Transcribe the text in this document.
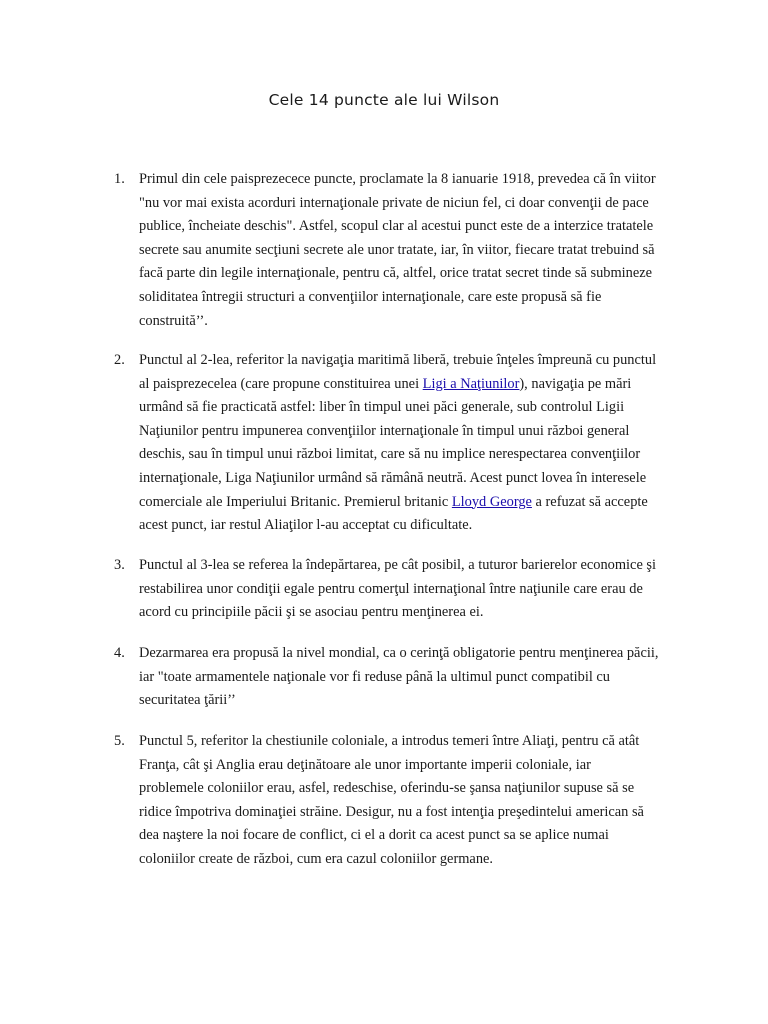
Cele 14 puncte ale lui Wilson
1. Primul din cele paisprezecece puncte, proclamate la 8 ianuarie 1918, prevedea că în viitor "nu vor mai exista acorduri internaţionale private de niciun fel, ci doar convenţii de pace publice, încheiate deschis". Astfel, scopul clar al acestui punct este de a interzice tratatele secrete sau anumite secţiuni secrete ale unor tratate, iar, în viitor, fiecare tratat trebuind să facă parte din legile internaţionale, pentru că, altfel, orice tratat secret tinde să submineze soliditatea întregii structuri a convenţiilor internaţionale, care este propusă să fie construită’’.
2. Punctul al 2-lea, referitor la navigaţia maritimă liberă, trebuie înţeles împreună cu punctul al paisprezecelea (care propune constituirea unei Ligi a Naţiunilor), navigaţia pe mări urmând să fie practicată astfel: liber în timpul unei păci generale, sub controlul Ligii Naţiunilor pentru impunerea convenţiilor internaţionale în timpul unui război general deschis, sau în timpul unui război limitat, care să nu implice nerespectarea convenţiilor internaţionale, Liga Naţiunilor urmând să rămână neutră. Acest punct lovea în interesele comerciale ale Imperiului Britanic. Premierul britanic Lloyd George a refuzat să accepte acest punct, iar restul Aliaţilor l-au acceptat cu dificultate.
3. Punctul al 3-lea se referea la îndepărtarea, pe cât posibil, a tuturor barierelor economice şi restabilirea unor condiţii egale pentru comerţul internaţional între naţiunile care erau de acord cu principiile păcii şi se asociau pentru menţinerea ei.
4. Dezarmarea era propusă la nivel mondial, ca o cerinţă obligatorie pentru menţinerea păcii, iar "toate armamentele naţionale vor fi reduse până la ultimul punct compatibil cu securitatea ţării’’
5. Punctul 5, referitor la chestiunile coloniale, a introdus temeri între Aliaţi, pentru că atât Franţa, cât şi Anglia erau deţinătoare ale unor importante imperii coloniale, iar problemele coloniilor erau, asfel, redeschise, oferindu-se şansa naţiunilor supuse să se ridice împotriva dominaţiei străine. Desigur, nu a fost intenţia preşedintelui american să dea naştere la noi focare de conflict, ci el a dorit ca acest punct sa se aplice numai coloniilor create de război, cum era cazul coloniilor germane.
